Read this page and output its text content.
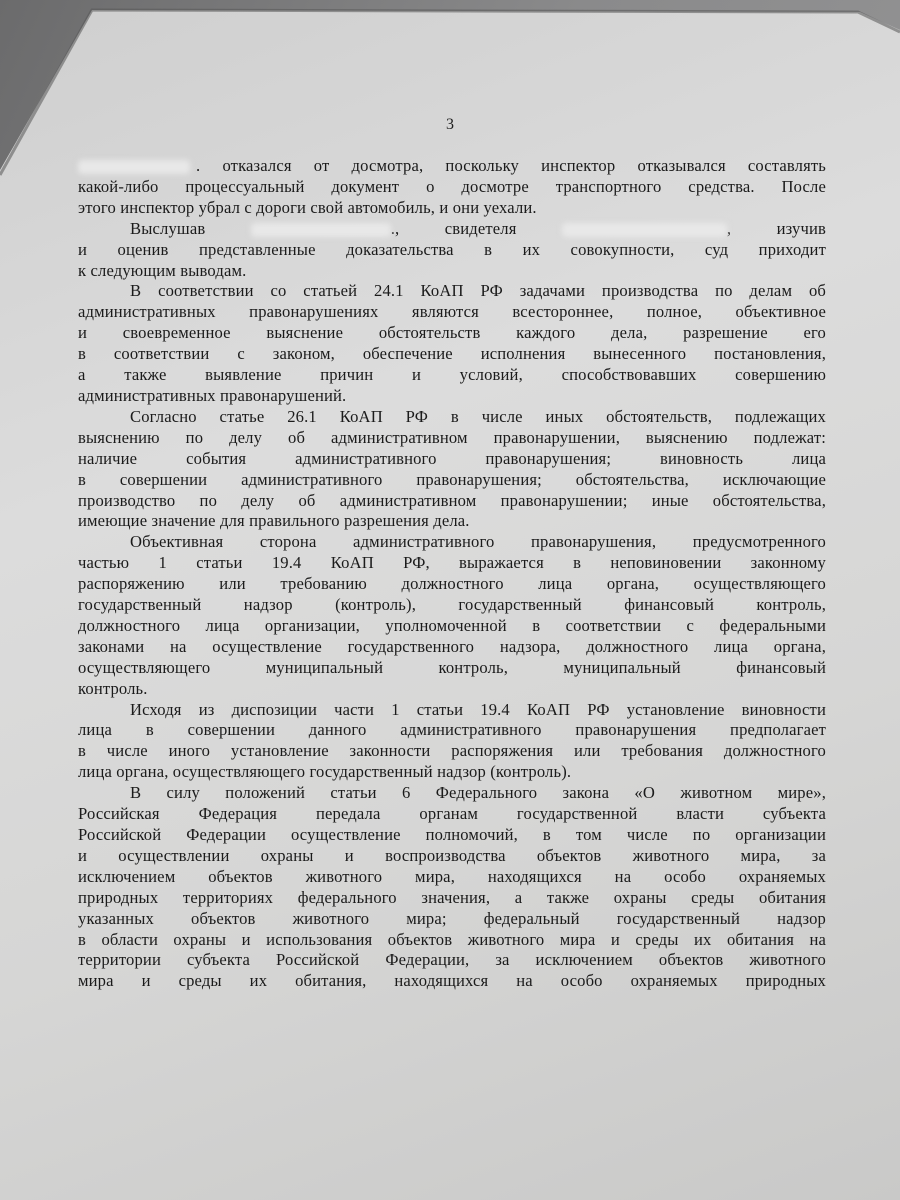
3

. отказался от досмотра, поскольку инспектор отказывался составлять
какой-либо процессуальный документ о досмотре транспортного средства. После
этого инспектор убрал с дороги свой автомобиль, и они уехали.

Выслушав	.,	свидетеля	,	изучив
и оценив представленные доказательства в их совокупности, суд приходит
к следующим выводам.

В соответствии со статьей 24.1 КоАП РФ задачами производства по делам об
административных правонарушениях являются всестороннее, полное, объективное
и своевременное выяснение обстоятельств каждого дела, разрешение его
в соответствии с законом, обеспечение исполнения вынесенного постановления,
а также выявление причин и условий, способствовавших совершению
административных правонарушений.

Согласно статье 26.1 КоАП РФ в числе иных обстоятельств, подлежащих
выяснению по делу об административном правонарушении, выяснению подлежат:
наличие события административного правонарушения; виновность лица
в совершении административного правонарушения; обстоятельства, исключающие
производство по делу об административном правонарушении; иные обстоятельства,
имеющие значение для правильного разрешения дела.

Объективная сторона административного правонарушения, предусмотренного
частью 1 статьи 19.4 КоАП РФ, выражается в неповиновении законному
распоряжению или требованию должностного лица органа, осуществляющего
государственный надзор (контроль), государственный финансовый контроль,
должностного лица организации, уполномоченной в соответствии с федеральными
законами на осуществление государственного надзора, должностного лица органа,
осуществляющего муниципальный контроль, муниципальный финансовый
контроль.

Исходя из диспозиции части 1 статьи 19.4 КоАП РФ установление виновности
лица в совершении данного административного правонарушения предполагает
в числе иного установление законности распоряжения или требования должностного
лица органа, осуществляющего государственный надзор (контроль).

В силу положений статьи 6 Федерального закона «О животном мире»,
Российская Федерация передала органам государственной власти субъекта
Российской Федерации осуществление полномочий, в том числе по организации
и осуществлении охраны и воспроизводства объектов животного мира, за
исключением объектов животного мира, находящихся на особо охраняемых
природных территориях федерального значения, а также охраны среды обитания
указанных объектов животного мира; федеральный государственный надзор
в области охраны и использования объектов животного мира и среды их обитания на
территории субъекта Российской Федерации, за исключением объектов животного
мира и среды их обитания, находящихся на особо охраняемых природных
